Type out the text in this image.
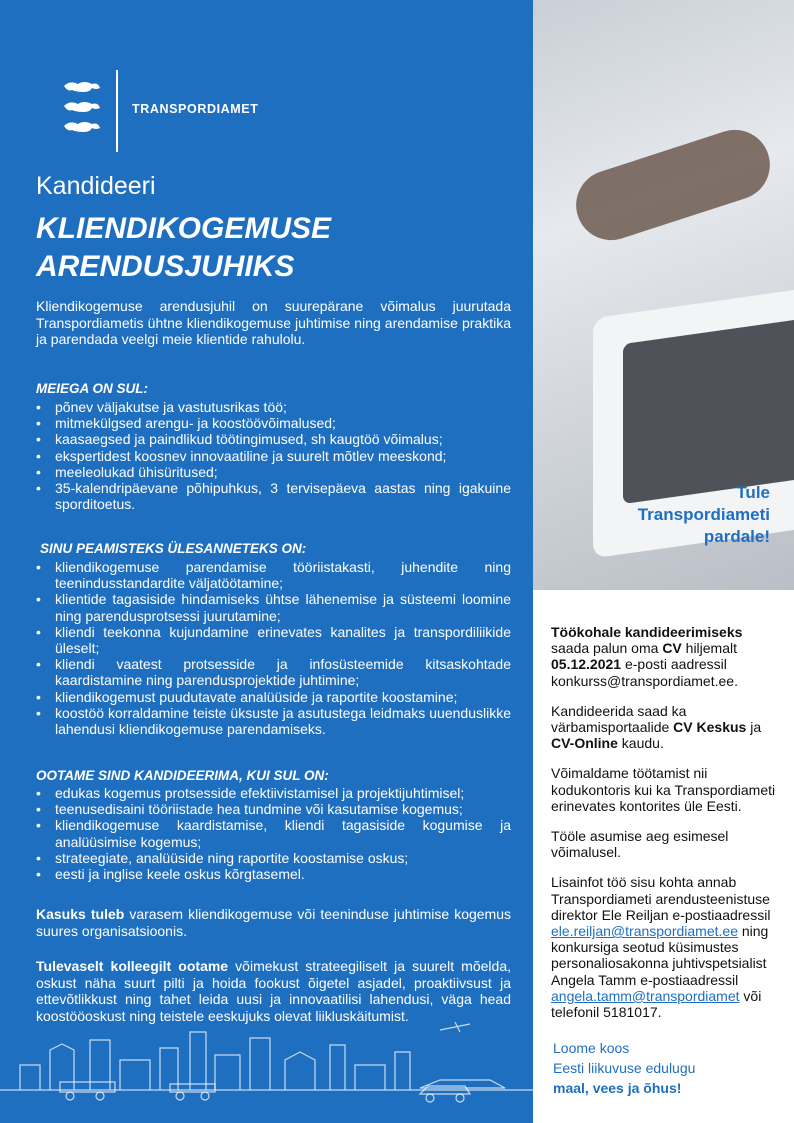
TRANSPORDIAMET
Kandideeri
KLIENDIKOGEMUSE
ARENDUSJUHIKS
Kliendikogemuse arendusjuhil on suurepärane võimalus juurutada Transpordiametis ühtne kliendikogemuse juhtimise ning arendamise praktika ja parendada veelgi meie klientide rahulolu.
MEIEGA ON SUL:
• põnev väljakutse ja vastutusrikas töö;
• mitmekülgsed arengu- ja koostöövõimalused;
• kaasaegsed ja paindlikud töötingimused, sh kaugtöö võimalus;
• ekspertidest koosnev innovaatiline ja suurelt mõtlev meeskond;
• meeleolukad ühisüritused;
• 35-kalendripäevane põhipuhkus, 3 tervisepäeva aastas ning igakuine sporditoetus.
SINU PEAMISTEKS ÜLESANNETEKS ON:
• kliendikogemuse parendamise tööriistakasti, juhendite ning teenindusstandardite väljatöötamine;
• klientide tagasiside hindamiseks ühtse lähenemise ja süsteemi loomine ning parendusprotsessi juurutamine;
• kliendi teekonna kujundamine erinevates kanalites ja transpordiliikide üleselt;
• kliendi vaatest protsesside ja infosüsteemide kitsaskohtade kaardistamine ning parendusprojektide juhtimine;
• kliendikogemust puudutavate analüüside ja raportite koostamine;
• koostöö korraldamine teiste üksuste ja asutustega leidmaks uuenduslikke lahendusi kliendikogemuse parendamiseks.
OOTAME SIND KANDIDEERIMA, KUI SUL ON:
• edukas kogemus protsesside efektiivistamisel ja projektijuhtimisel;
• teenusedisaini tööriistade hea tundmine või kasutamise kogemus;
• kliendikogemuse kaardistamise, kliendi tagasiside kogumise ja analüüsimise kogemus;
• strateegiate, analüüside ning raportite koostamise oskus;
• eesti ja inglise keele oskus kõrgtasemel.
Kasuks tuleb varasem kliendikogemuse või teeninduse juhtimise kogemus suures organisatsioonis.
Tulevaselt kolleegilt ootame võimekust strateegiliselt ja suurelt mõelda, oskust näha suurt pilti ja hoida fookust õigetel asjadel, proaktiivsust ja ettevõtlikkust ning tahet leida uusi ja innovaatilisi lahendusi, väga head koostööoskust ning teistele eeskujuks olevat liikluskäitumist.
Tule
Transpordiameti
pardale!

Töökohale kandideerimiseks
saada palun oma CV hiljemalt
05.12.2021 e-posti aadressil konkurss@transpordiamet.ee.

Kandideerida saad ka värbamisportaalide CV Keskus ja CV-Online kaudu.

Võimaldame töötamist nii kodukontoris kui ka Transpordiameti erinevates kontorites üle Eesti.

Tööle asumise aeg esimesel võimalusel.

Lisainfot töö sisu kohta annab Transpordiameti arendusteenistuse direktor Ele Reiljan e-postiaadressil ele.reiljan@transpordiamet.ee ning konkursiga seotud küsimustes personaliosakonna juhtivspetsialist Angela Tamm e-postiaadressil angela.tamm@transpordiamet või telefonil 5181017.

Loome koos
Eesti liikuvuse edulugu
maal, vees ja õhus!
